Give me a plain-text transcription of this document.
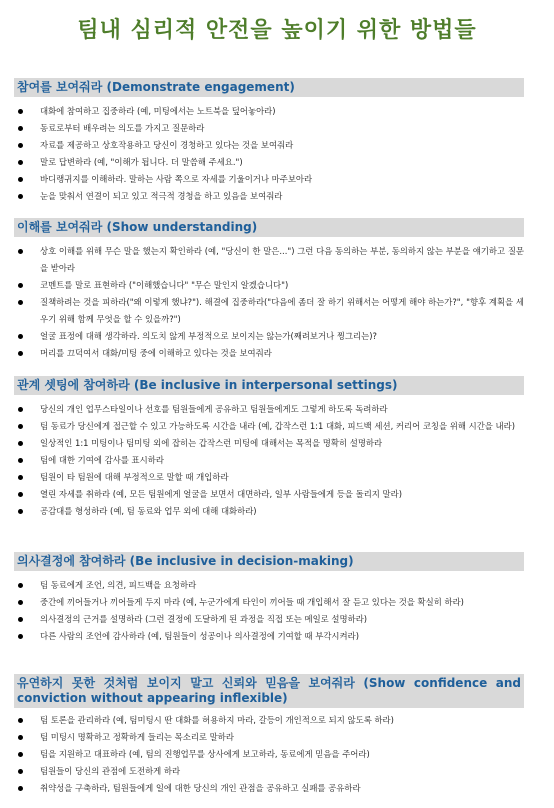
팀내 심리적 안전을 높이기 위한 방법들
참여를 보여줘라 (Demonstrate engagement)
대화에 참여하고 집중하라 (예, 미팅에서는 노트북을 덮어놓아라)
동료로부터 배우려는 의도를 가지고 질문하라
자료를 제공하고 상호작용하고 당신이 경청하고 있다는 것을 보여줘라
말로 답변하라 (예, "이해가 됩니다. 더 말씀해 주세요.")
바디랭귀지를 이해하라. 말하는 사람 쪽으로 자세를 기울이거나 마주보아라
눈을 맞춰서 연결이 되고 있고 적극적 경청을 하고 있음을 보여줘라
이해를 보여줘라 (Show understanding)
상호 이해를 위해 무슨 말을 했는지 확인하라 (예, "당신이 한 말은...") 그런 다음 동의하는 부분, 동의하지 않는 부분을 얘기하고 질문을 받아라
코멘트를 말로 표현하라 ("이해했습니다" "무슨 말인지 알겠습니다")
질책하려는 것을 피하라("왜 이렇게 했냐?"). 해결에 집중하라("다음에 좀더 잘 하기 위해서는 어떻게 해야 하는가?", "향후 계획을 세우기 위해 함께 무엇을 할 수 있을까?")
얼굴 표정에 대해 생각하라. 의도치 않게 부정적으로 보이지는 않는가(째려보거나 찡그리는)?
머리를 끄덕여서 대화/미팅 중에 이해하고 있다는 것을 보여줘라
관계 셋팅에 참여하라 (Be inclusive in interpersonal settings)
당신의 개인 업무스타일이나 선호를 팀원들에게 공유하고 팀원들에게도 그렇게 하도록 독려하라
팀 동료가 당신에게 접근할 수 있고 가능하도록 시간을 내라 (예, 갑작스런 1:1 대화, 피드백 세션, 커리어 코칭을 위해 시간을 내라)
일상적인 1:1 미팅이나 팀미팅 외에 잡히는 갑작스런 미팅에 대해서는 목적을 명확히 설명하라
팀에 대한 기여에 감사를 표시하라
팀원이 타 팀원에 대해 부정적으로 말할 때 개입하라
열린 자세를 취하라 (예, 모든 팀원에게 얼굴을 보면서 대면하라, 일부 사람들에게 등을 돌리지 말라)
공감대를 형성하라 (예, 팀 동료와 업무 외에 대해 대화하라)
의사결정에 참여하라 (Be inclusive in decision-making)
팀 동료에게 조언, 의견, 피드백을 요청하라
중간에 끼어들거나 끼어들게 두지 마라 (예, 누군가에게 타인이 끼어들 때 개입해서 잘 듣고 있다는 것을 확실히 하라)
의사결정의 근거를 설명하라 (그런 결정에 도달하게 된 과정을 직접 또는 메일로 설명하라)
다른 사람의 조언에 감사하라 (예, 팀원들이 성공이나 의사결정에 기여할 때 부각시켜라)
유연하지 못한 것처럼 보이지 말고 신뢰와 믿음을 보여줘라 (Show confidence and conviction without appearing inflexible)
팀 토론을 관리하라 (예, 팀미팅시 딴 대화를 허용하지 마라, 갈등이 개인적으로 되지 않도록 하라)
팀 미팅시 명확하고 정확하게 들리는 목소리로 말하라
팀을 지원하고 대표하라 (예, 팀의 진행업무를 상사에게 보고하라, 동료에게 믿음을 주어라)
팀원들이 당신의 관점에 도전하게 하라
취약성을 구축하라, 팀원들에게 일에 대한 당신의 개인 관점을 공유하고 실패를 공유하라
